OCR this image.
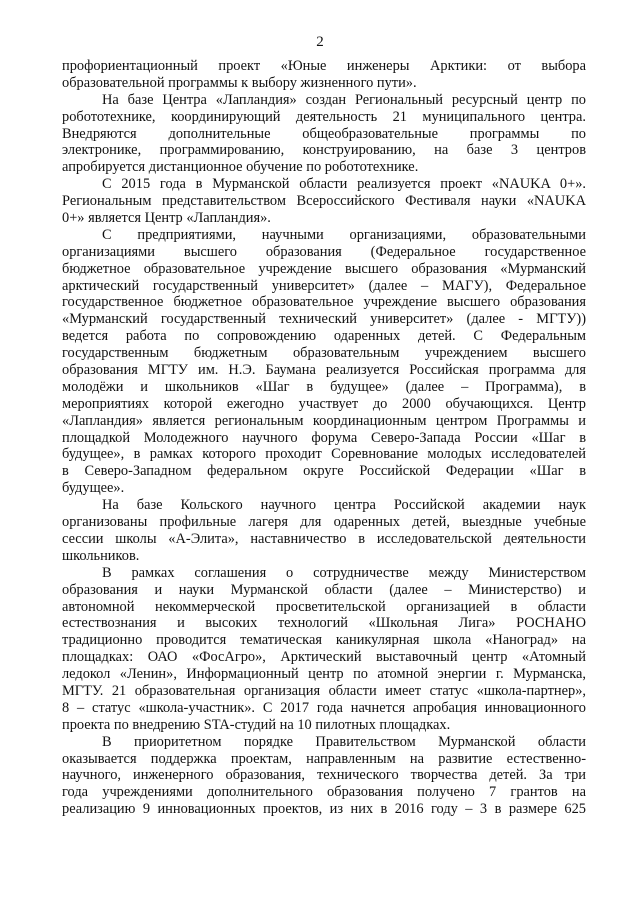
2
профориентационный проект «Юные инженеры Арктики: от выбора
образовательной программы к выбору жизненного пути».
На базе Центра «Лапландия» создан Региональный ресурсный центр по
робототехнике, координирующий деятельность 21 муниципального центра.
Внедряются дополнительные общеобразовательные программы по
электронике, программированию, конструированию, на базе 3 центров
апробируется дистанционное обучение по робототехнике.
С 2015 года в Мурманской области реализуется проект «NAUKA 0+».
Региональным представительством Всероссийского Фестиваля науки «NAUKA
0+» является Центр «Лапландия».
С предприятиями, научными организациями, образовательными
организациями высшего образования (Федеральное государственное
бюджетное образовательное учреждение высшего образования «Мурманский
арктический государственный университет» (далее – МАГУ), Федеральное
государственное бюджетное образовательное учреждение высшего образования
«Мурманский государственный технический университет» (далее - МГТУ))
ведется работа по сопровождению одаренных детей. С Федеральным
государственным бюджетным образовательным учреждением высшего
образования МГТУ им. Н.Э. Баумана реализуется Российская программа для
молодёжи и школьников «Шаг в будущее» (далее – Программа), в
мероприятиях которой ежегодно участвует до 2000 обучающихся. Центр
«Лапландия» является региональным координационным центром Программы и
площадкой Молодежного научного форума Северо-Запада России «Шаг в
будущее», в рамках которого проходит Соревнование молодых исследователей
в Северо-Западном федеральном округе Российской Федерации «Шаг в
будущее».
На базе Кольского научного центра Российской академии наук
организованы профильные лагеря для одаренных детей, выездные учебные
сессии школы «А-Элита», наставничество в исследовательской деятельности
школьников.
В рамках соглашения о сотрудничестве между Министерством
образования и науки Мурманской области (далее – Министерство) и
автономной некоммерческой просветительской организацией в области
естествознания и высоких технологий «Школьная Лига» РОСНАНО
традиционно проводится тематическая каникулярная школа «Наноград» на
площадках: ОАО «ФосАгро», Арктический выставочный центр «Атомный
ледокол «Ленин», Информационный центр по атомной энергии г. Мурманска,
МГТУ. 21 образовательная организация области имеет статус «школа-партнер»,
8 – статус «школа-участник». С 2017 года начнется апробация инновационного
проекта по внедрению STA-студий на 10 пилотных площадках.
В приоритетном порядке Правительством Мурманской области
оказывается поддержка проектам, направленным на развитие естественно-
научного, инженерного образования, технического творчества детей. За три
года учреждениями дополнительного образования получено 7 грантов на
реализацию 9 инновационных проектов, из них в 2016 году – 3 в размере 625
